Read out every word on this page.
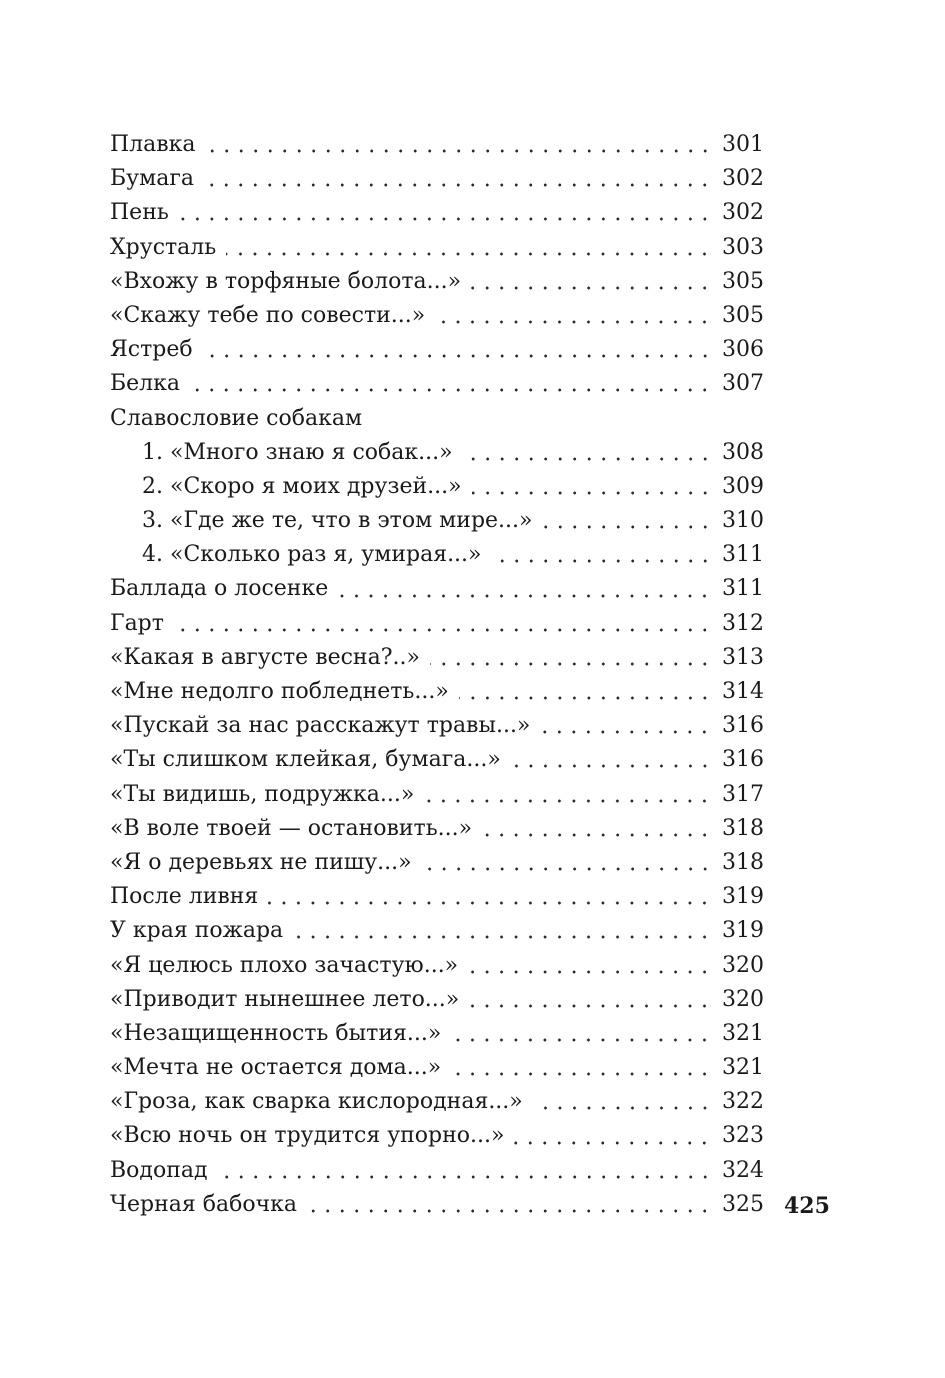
Плавка	301
Бумага	302
Пень	302
Хрусталь	303
«Вхожу в торфяные болота...»	305
«Скажу тебе по совести...»	305
Ястреб	306
Белка	307
Славословие собакам
1. «Много знаю я собак...»	308
2. «Скоро я моих друзей...»	309
3. «Где же те, что в этом мире...»	310
4. «Сколько раз я, умирая...»	311
Баллада о лосенке	311
Гарт	312
«Какая в августе весна?..»	313
«Мне недолго побледнеть...»	314
«Пускай за нас расскажут травы...»	316
«Ты слишком клейкая, бумага...»	316
«Ты видишь, подружка...»	317
«В воле твоей — остановить...»	318
«Я о деревьях не пишу...»	318
После ливня	319
У края пожара	319
«Я целюсь плохо зачастую...»	320
«Приводит нынешнее лето...»	320
«Незащищенность бытия...»	321
«Мечта не остается дома...»	321
«Гроза, как сварка кислородная...»	322
«Всю ночь он трудится упорно...»	323
Водопад	324
Черная бабочка	325 425
